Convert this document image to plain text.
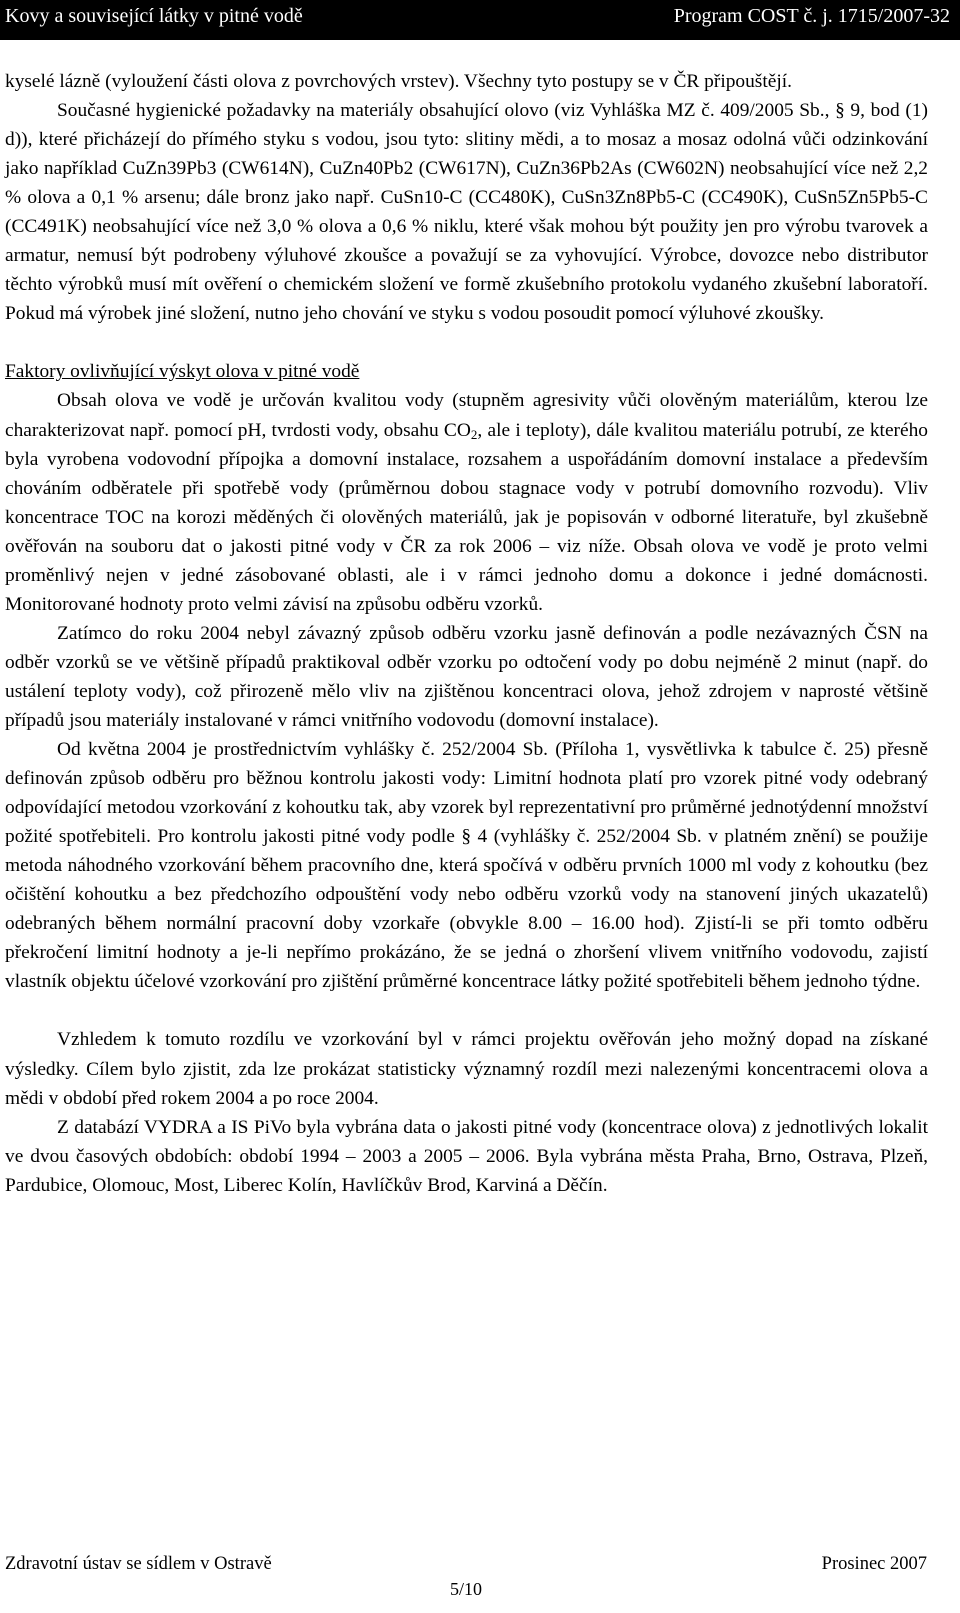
Kovy a související látky v pitné vodě	Program COST č. j. 1715/2007-32

kyselé lázně (vyloužení části olova z povrchových vrstev). Všechny tyto postupy se v ČR připouštějí.

Současné hygienické požadavky na materiály obsahující olovo (viz Vyhláška MZ č. 409/2005 Sb., § 9, bod (1) d)), které přicházejí do přímého styku s vodou, jsou tyto: slitiny mědi, a to mosaz a mosaz odolná vůči odzinkování jako například CuZn39Pb3 (CW614N), CuZn40Pb2 (CW617N), CuZn36Pb2As (CW602N) neobsahující více než 2,2 % olova a 0,1 % arsenu; dále bronz jako např. CuSn10-C (CC480K), CuSn3Zn8Pb5-C (CC490K), CuSn5Zn5Pb5-C (CC491K) neobsahující více než 3,0 % olova a 0,6 % niklu, které však mohou být použity jen pro výrobu tvarovek a armatur, nemusí být podrobeny výluhové zkoušce a považují se za vyhovující. Výrobce, dovozce nebo distributor těchto výrobků musí mít ověření o chemickém složení ve formě zkušebního protokolu vydaného zkušební laboratoří. Pokud má výrobek jiné složení, nutno jeho chování ve styku s vodou posoudit pomocí výluhové zkoušky.

Faktory ovlivňující výskyt olova v pitné vodě

Obsah olova ve vodě je určován kvalitou vody (stupněm agresivity vůči olověným materiálům, kterou lze charakterizovat např. pomocí pH, tvrdosti vody, obsahu $CO_2$, ale i teploty), dále kvalitou materiálu potrubí, ze kterého byla vyrobena vodovodní přípojka a domovní instalace, rozsahem a uspořádáním domovní instalace a především chováním odběratele při spotřebě vody (průměrnou dobou stagnace vody v potrubí domovního rozvodu). Vliv koncentrace TOC na korozi měděných či olověných materiálů, jak je popisován v odborné literatuře, byl zkušebně ověřován na souboru dat o jakosti pitné vody v ČR za rok 2006 – viz níže. Obsah olova ve vodě je proto velmi proměnlivý nejen v jedné zásobované oblasti, ale i v rámci jednoho domu a dokonce i jedné domácnosti. Monitorované hodnoty proto velmi závisí na způsobu odběru vzorků.

Zatímco do roku 2004 nebyl závazný způsob odběru vzorku jasně definován a podle nezávazných ČSN na odběr vzorků se ve většině případů praktikoval odběr vzorku po odtočení vody po dobu nejméně 2 minut (např. do ustálení teploty vody), což přirozeně mělo vliv na zjištěnou koncentraci olova, jehož zdrojem v naprosté většině případů jsou materiály instalované v rámci vnitřního vodovodu (domovní instalace).

Od května 2004 je prostřednictvím vyhlášky č. 252/2004 Sb. (Příloha 1, vysvětlivka k tabulce č. 25) přesně definován způsob odběru pro běžnou kontrolu jakosti vody: Limitní hodnota platí pro vzorek pitné vody odebraný odpovídající metodou vzorkování z kohoutku tak, aby vzorek byl reprezentativní pro průměrné jednotýdenní množství požité spotřebiteli. Pro kontrolu jakosti pitné vody podle § 4 (vyhlášky č. 252/2004 Sb. v platném znění) se použije metoda náhodného vzorkování během pracovního dne, která spočívá v odběru prvních 1000 ml vody z kohoutku (bez očištění kohoutku a bez předchozího odpouštění vody nebo odběru vzorků vody na stanovení jiných ukazatelů) odebraných během normální pracovní doby vzorkaře (obvykle 8.00 – 16.00 hod). Zjistí-li se při tomto odběru překročení limitní hodnoty a je-li nepřímo prokázáno, že se jedná o zhoršení vlivem vnitřního vodovodu, zajistí vlastník objektu účelové vzorkování pro zjištění průměrné koncentrace látky požité spotřebiteli během jednoho týdne.

Vzhledem k tomuto rozdílu ve vzorkování byl v rámci projektu ověřován jeho možný dopad na získané výsledky. Cílem bylo zjistit, zda lze prokázat statisticky významný rozdíl mezi nalezenými koncentracemi olova a mědi v období před rokem 2004 a po roce 2004.

Z databází VYDRA a IS PiVo byla vybrána data o jakosti pitné vody (koncentrace olova) z jednotlivých lokalit ve dvou časových obdobích: období 1994 – 2003 a 2005 – 2006. Byla vybrána města Praha, Brno, Ostrava, Plzeň, Pardubice, Olomouc, Most, Liberec Kolín, Havlíčkův Brod, Karviná a Děčín.

Zdravotní ústav se sídlem v Ostravě	Prosinec 2007
5/10
